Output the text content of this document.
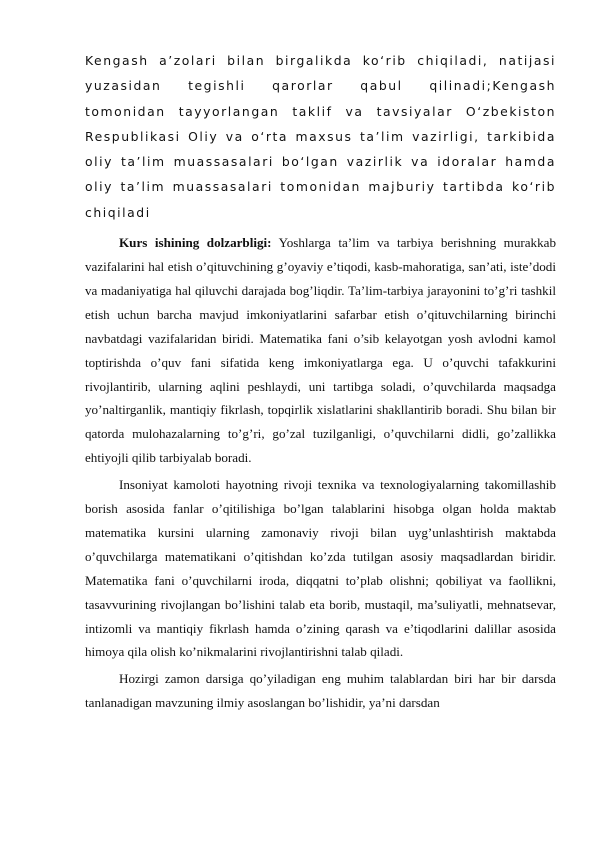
Kengash a’zolari bilan birgalikda ko‘rib chiqiladi, natijasi yuzasidan tegishli qarorlar qabul qilinadi;Kengash tomonidan tayyorlangan taklif va tavsiyalar O‘zbekiston Respublikasi Oliy va o‘rta maxsus ta’lim vazirligi, tarkibida oliy ta’lim muassasalari bo‘lgan vazirlik va idoralar hamda oliy ta’lim muassasalari tomonidan majburiy tartibda ko‘rib chiqiladi

Kurs ishining dolzarbligi: Yoshlarga ta’lim va tarbiya berishning murakkab vazifalarini hal etish o’qituvchining g’oyaviy e’tiqodi, kasb-mahoratiga, san’ati, iste’dodi va madaniyatiga hal qiluvchi darajada bog’liqdir. Ta’lim-tarbiya jarayonini to’g’ri tashkil etish uchun barcha mavjud imkoniyatlarini safarbar etish o’qituvchilarning birinchi navbatdagi vazifalaridan biridi. Matematika fani o’sib kelayotgan yosh avlodni kamol toptirishda o’quv fani sifatida keng imkoniyatlarga ega. U o’quvchi tafakkurini rivojlantirib, ularning aqlini peshlaydi, uni tartibga soladi, o’quvchilarda maqsadga yo’naltirganlik, mantiqiy fikrlash, topqirlik xislatlarini shakllantirib boradi. Shu bilan bir qatorda mulohazalarning to’g’ri, go’zal tuzilganligi, o’quvchilarni didli, go’zallikka ehtiyojli qilib tarbiyalab boradi.

Insoniyat kamoloti hayotning rivoji texnika va texnologiyalarning takomillashib borish asosida fanlar o’qitilishiga bo’lgan talablarini hisobga olgan holda maktab matematika kursini ularning zamonaviy rivoji bilan uyg’unlashtirish maktabda o’quvchilarga matematikani o’qitishdan ko’zda tutilgan asosiy maqsadlardan biridir. Matematika fani o’quvchilarni iroda, diqqatni to’plab olishni; qobiliyat va faollikni, tasavvurining rivojlangan bo’lishini talab eta borib, mustaqil, ma’suliyatli, mehnatsevar, intizomli va mantiqiy fikrlash hamda o’zining qarash va e’tiqodlarini dalillar asosida himoya qila olish ko’nikmalarini rivojlantirishni talab qiladi.

Hozirgi zamon darsiga qo’yiladigan eng muhim talablardan biri har bir darsda tanlanadigan mavzuning ilmiy asoslangan bo’lishidir, ya’ni darsdan
